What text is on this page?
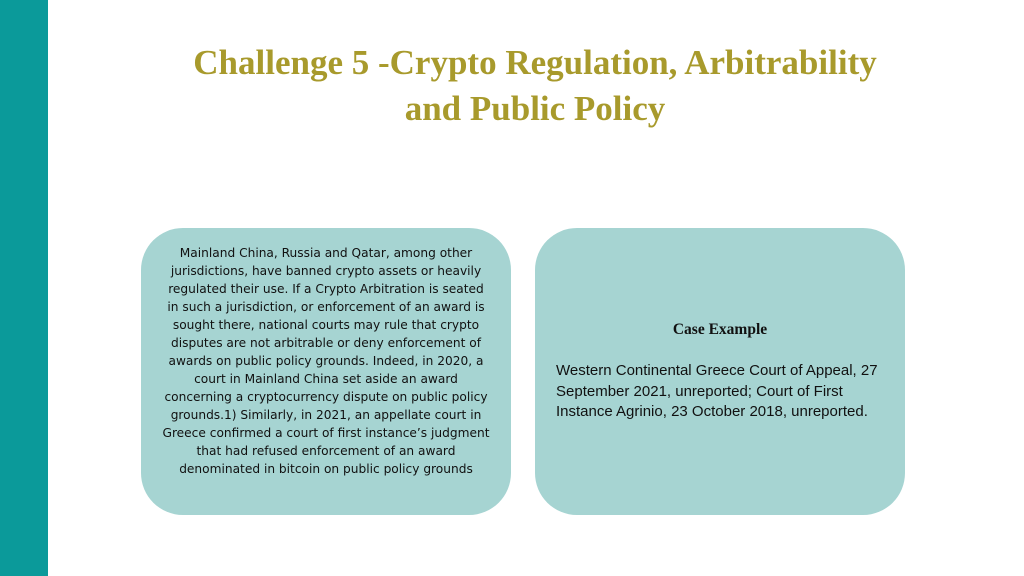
Challenge 5 -Crypto Regulation, Arbitrability
and Public Policy

Mainland China, Russia and Qatar, among other jurisdictions, have banned crypto assets or heavily regulated their use. If a Crypto Arbitration is seated in such a jurisdiction, or enforcement of an award is sought there, national courts may rule that crypto disputes are not arbitrable or deny enforcement of awards on public policy grounds. Indeed, in 2020, a court in Mainland China set aside an award concerning a cryptocurrency dispute on public policy grounds.1) Similarly, in 2021, an appellate court in Greece confirmed a court of first instance’s judgment that had refused enforcement of an award denominated in bitcoin on public policy grounds

Case Example

Western Continental Greece Court of Appeal, 27 September 2021, unreported; Court of First Instance Agrinio, 23 October 2018, unreported.
